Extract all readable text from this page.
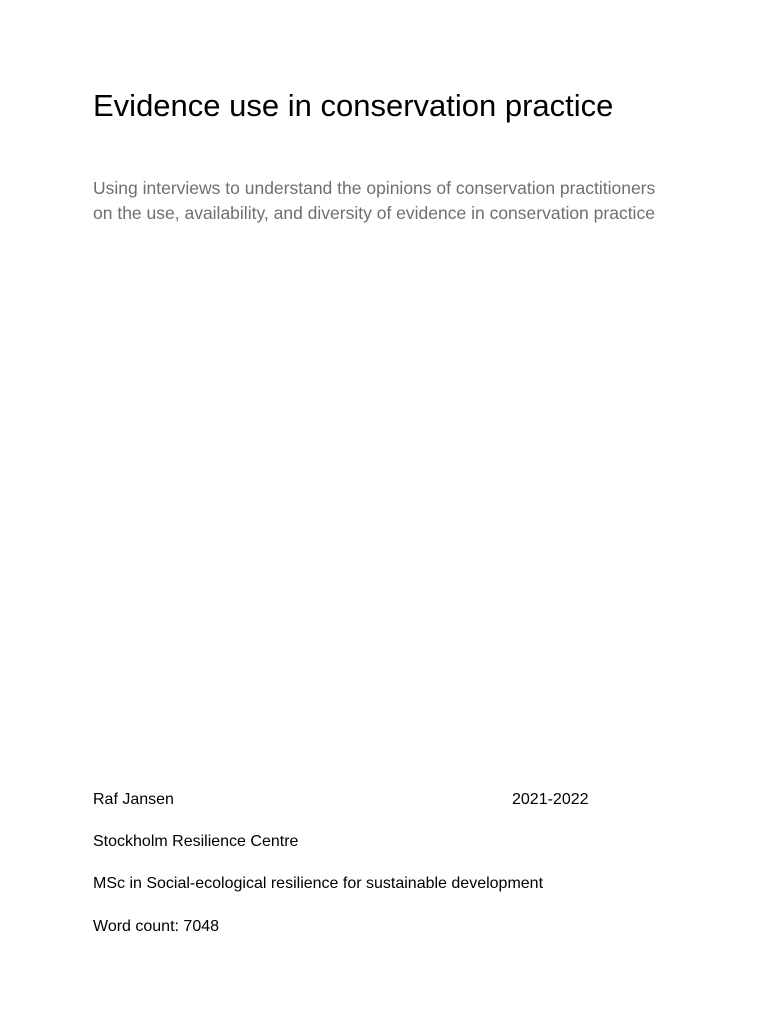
Evidence use in conservation practice

Using interviews to understand the opinions of conservation practitioners on the use, availability, and diversity of evidence in conservation practice

Raf Jansen	2021-2022

Stockholm Resilience Centre

MSc in Social-ecological resilience for sustainable development

Word count: 7048
